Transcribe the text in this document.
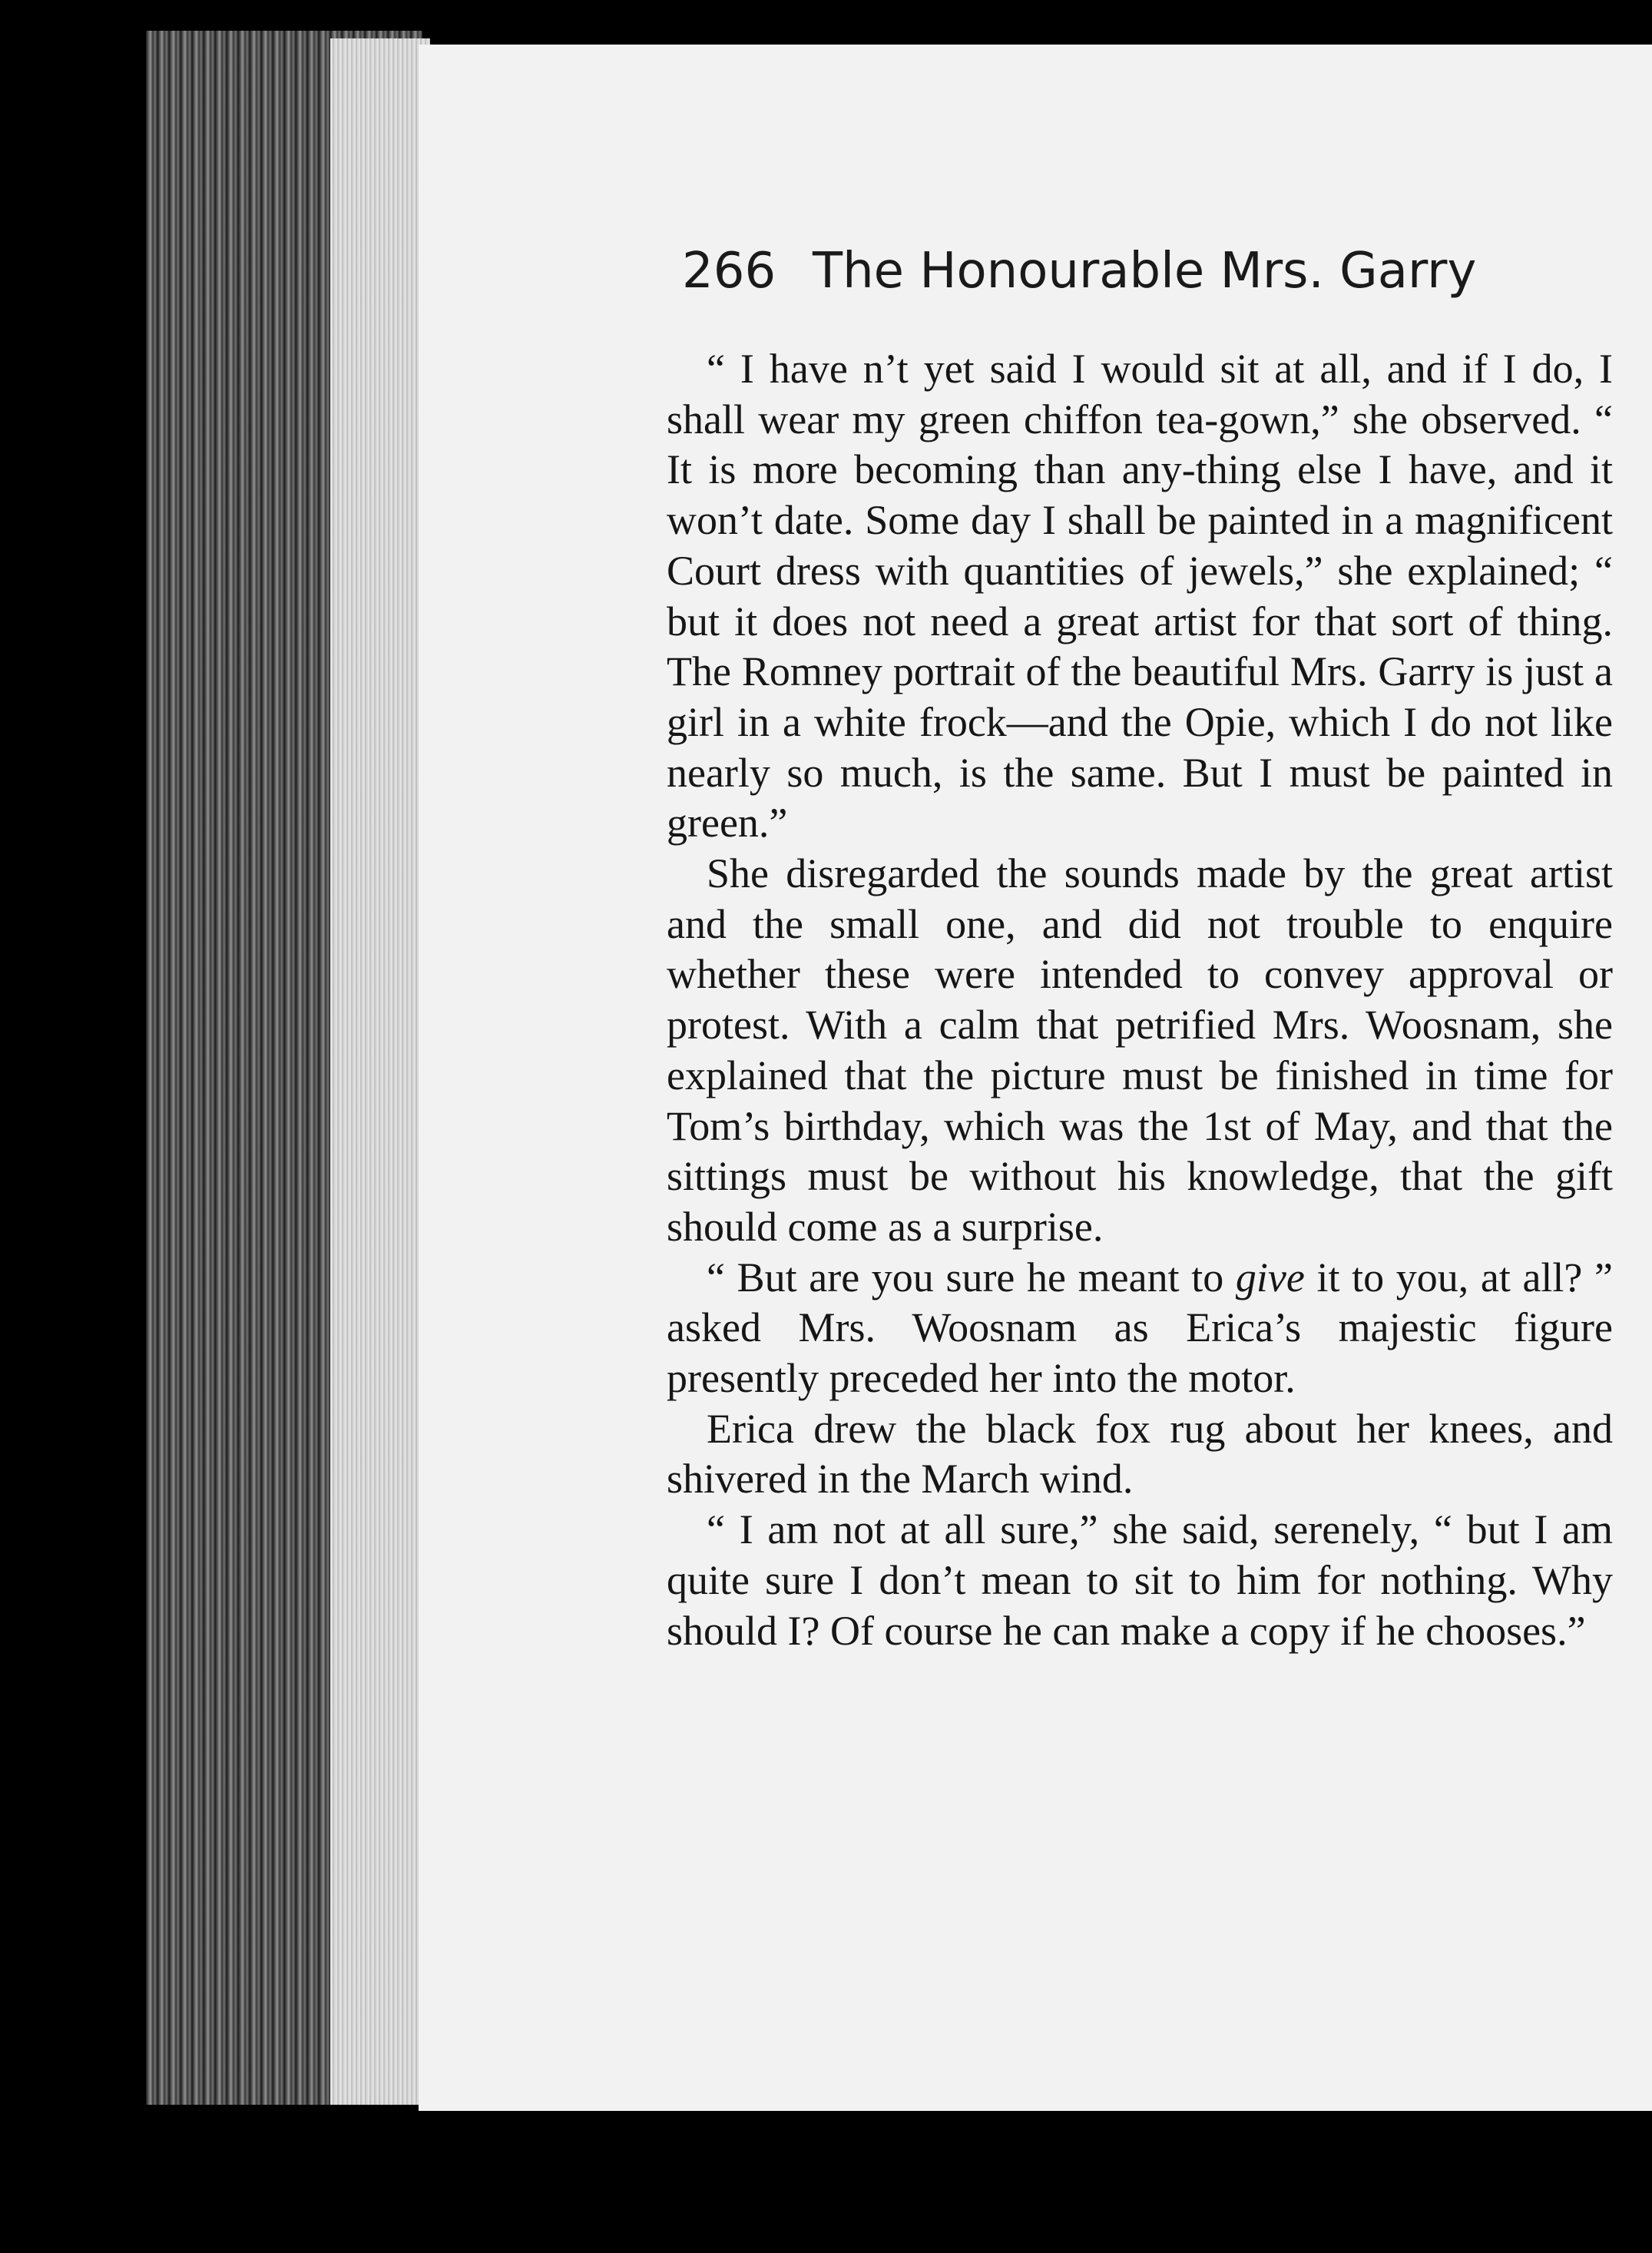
266 The Honourable Mrs. Garry

“ I have n’t yet said I would sit at all, and if I do, I shall wear my green chiffon tea-gown,” she observed. “ It is more becoming than any-thing else I have, and it won’t date. Some day I shall be painted in a magnificent Court dress with quantities of jewels,” she explained; “ but it does not need a great artist for that sort of thing. The Romney portrait of the beautiful Mrs. Garry is just a girl in a white frock—and the Opie, which I do not like nearly so much, is the same. But I must be painted in green.”

She disregarded the sounds made by the great artist and the small one, and did not trouble to enquire whether these were intended to convey approval or protest. With a calm that petrified Mrs. Woosnam, she explained that the picture must be finished in time for Tom’s birthday, which was the 1st of May, and that the sittings must be without his knowledge, that the gift should come as a surprise.

“ But are you sure he meant to give it to you, at all? ” asked Mrs. Woosnam as Erica’s majestic figure presently preceded her into the motor.

Erica drew the black fox rug about her knees, and shivered in the March wind.

“ I am not at all sure,” she said, serenely, “ but I am quite sure I don’t mean to sit to him for nothing. Why should I? Of course he can make a copy if he chooses.”
